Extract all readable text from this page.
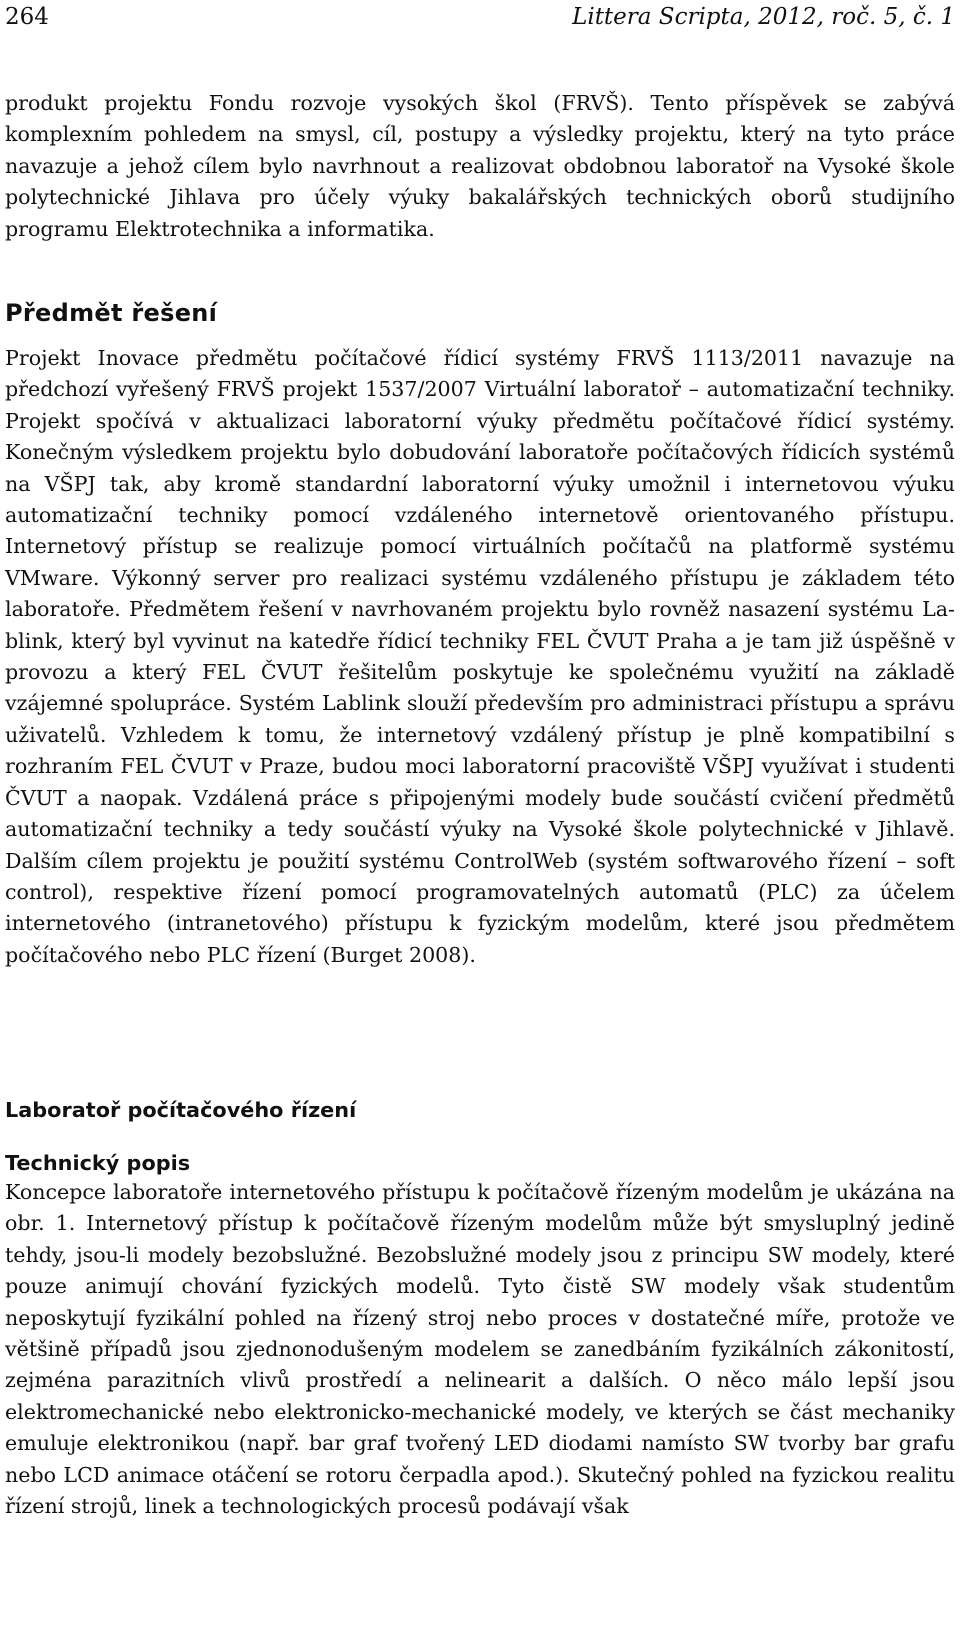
264	Littera Scripta, 2012, roč. 5, č. 1

produkt projektu Fondu rozvoje vysokých škol (FRVŠ). Tento příspěvek se zabývá komplexním pohledem na smysl, cíl, postupy a výsledky projektu, který na tyto práce navazuje a jehož cílem bylo navrhnout a realizovat obdobnou laboratoř na Vysoké škole polytechnické Jihlava pro účely výuky bakalářských technických oborů studijního programu Elektrotechnika a informatika.

Předmět řešení

Projekt Inovace předmětu počítačové řídicí systémy FRVŠ 1113/2011 navazuje na předchozí vyřešený FRVŠ projekt 1537/2007 Virtuální laboratoř – automatizační techniky. Projekt spočívá v aktualizaci laboratorní výuky předmětu počítačové řídicí systémy. Konečným výsledkem projektu bylo dobudování laboratoře počítačových řídicích systémů na VŠPJ tak, aby kromě standardní laboratorní výuky umožnil i internetovou výuku automatizační techniky pomocí vzdáleného internetově orientovaného přístupu. Internetový přístup se realizuje pomocí virtuálních počítačů na platformě systému VMware. Výkonný server pro realizaci systému vzdáleného přístupu je základem této laboratoře. Předmětem řešení v navrhovaném projektu bylo rovněž nasazení systému Lablink, který byl vyvinut na katedře řídicí techniky FEL ČVUT Praha a je tam již úspěšně v provozu a který FEL ČVUT řešitelům poskytuje ke společnému využití na základě vzájemné spolupráce. Systém Lablink slouží především pro administraci přístupu a správu uživatelů. Vzhledem k tomu, že internetový vzdálený přístup je plně kompatibilní s rozhraním FEL ČVUT v Praze, budou moci laboratorní pracoviště VŠPJ využívat i studenti ČVUT a naopak. Vzdálená práce s připojenými modely bude součástí cvičení předmětů automatizační techniky a tedy součástí výuky na Vysoké škole polytechnické v Jihlavě. Dalším cílem projektu je použití systému ControlWeb (systém softwarového řízení – soft control), respektive řízení pomocí programovatelných automatů (PLC) za účelem internetového (intranetového) přístupu k fyzickým modelům, které jsou předmětem počítačového nebo PLC řízení (Burget 2008).

Laboratoř počítačového řízení
Technický popis

Koncepce laboratoře internetového přístupu k počítačově řízeným modelům je ukázána na obr. 1. Internetový přístup k počítačově řízeným modelům může být smysluplný jedině tehdy, jsou-li modely bezobslužné. Bezobslužné modely jsou z principu SW modely, které pouze animují chování fyzických modelů. Tyto čistě SW modely však studentům neposkytují fyzikální pohled na řízený stroj nebo proces v dostatečné míře, protože ve většině případů jsou zjednonodušeným modelem se zanedbáním fyzikálních zákonitostí, zejména parazitních vlivů prostředí a nelinearit a dalších. O něco málo lepší jsou elektromechanické nebo elektronicko-mechanické modely, ve kterých se část mechaniky emuluje elektronikou (např. bar graf tvořený LED diodami namísto SW tvorby bar grafu nebo LCD animace otáčení se rotoru čerpadla apod.). Skutečný pohled na fyzickou realitu řízení strojů, linek a technologických procesů podávají však
